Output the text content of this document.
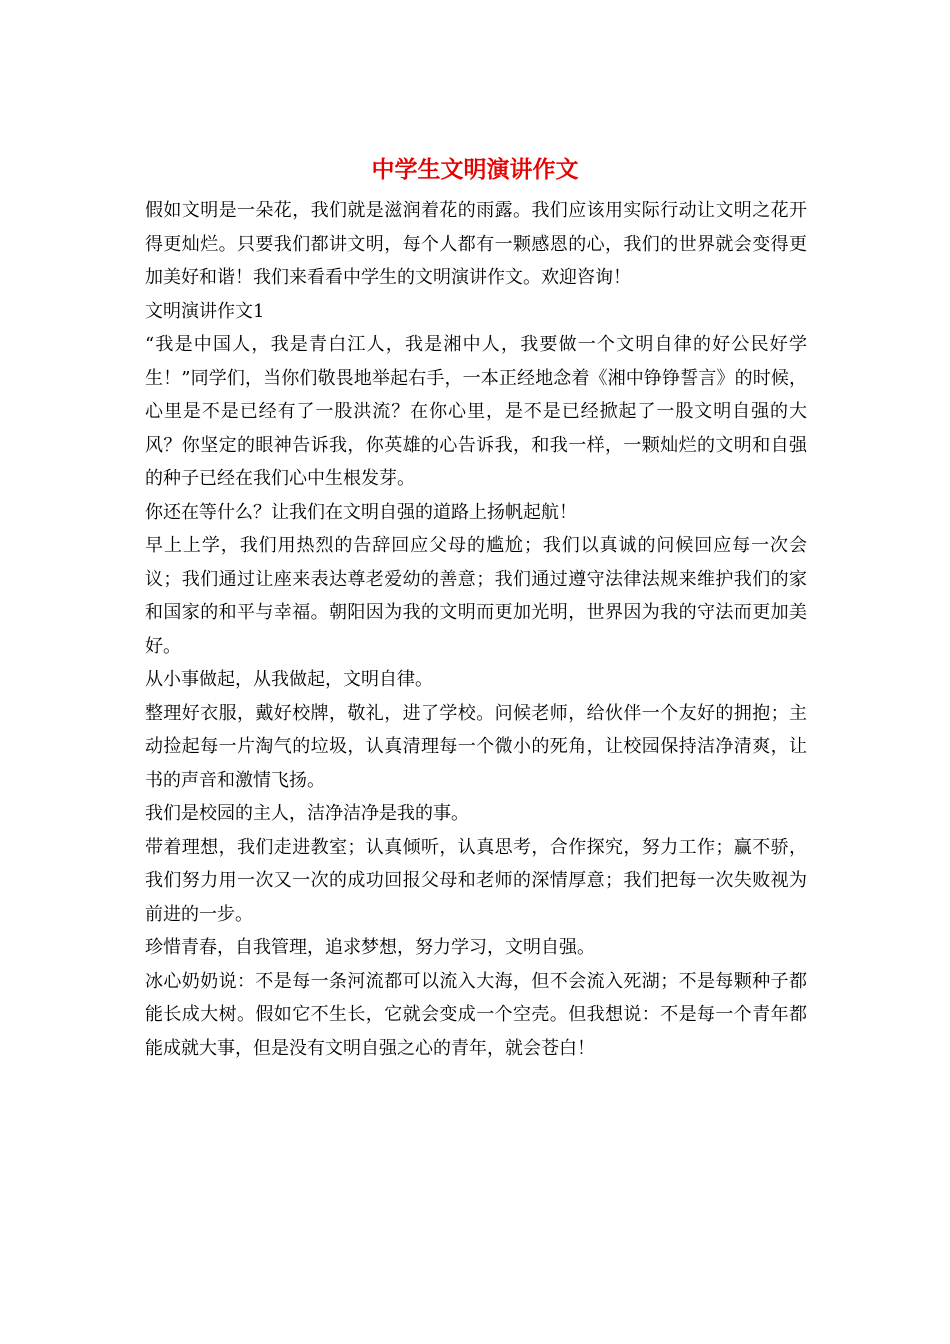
中学生文明演讲作文

假如文明是一朵花，我们就是滋润着花的雨露。我们应该用实际行动让文明之花开得更灿烂。只要我们都讲文明，每个人都有一颗感恩的心，我们的世界就会变得更加美好和谐！我们来看看中学生的文明演讲作文。欢迎咨询！

文明演讲作文1

“我是中国人，我是青白江人，我是湘中人，我要做一个文明自律的好公民好学生！”同学们，当你们敬畏地举起右手，一本正经地念着《湘中铮铮誓言》的时候，心里是不是已经有了一股洪流？在你心里，是不是已经掀起了一股文明自强的大风？你坚定的眼神告诉我，你英雄的心告诉我，和我一样，一颗灿烂的文明和自强的种子已经在我们心中生根发芽。

你还在等什么？让我们在文明自强的道路上扬帆起航！

早上上学，我们用热烈的告辞回应父母的尴尬；我们以真诚的问候回应每一次会议；我们通过让座来表达尊老爱幼的善意；我们通过遵守法律法规来维护我们的家和国家的和平与幸福。朝阳因为我的文明而更加光明，世界因为我的守法而更加美好。

从小事做起，从我做起，文明自律。

整理好衣服，戴好校牌，敬礼，进了学校。问候老师，给伙伴一个友好的拥抱；主动捡起每一片淘气的垃圾，认真清理每一个微小的死角，让校园保持洁净清爽，让书的声音和激情飞扬。

我们是校园的主人，洁净洁净是我的事。

带着理想，我们走进教室；认真倾听，认真思考，合作探究，努力工作；赢不骄，我们努力用一次又一次的成功回报父母和老师的深情厚意；我们把每一次失败视为前进的一步。

珍惜青春，自我管理，追求梦想，努力学习，文明自强。

冰心奶奶说：不是每一条河流都可以流入大海，但不会流入死湖；不是每颗种子都能长成大树。假如它不生长，它就会变成一个空壳。但我想说：不是每一个青年都能成就大事，但是没有文明自强之心的青年，就会苍白！
